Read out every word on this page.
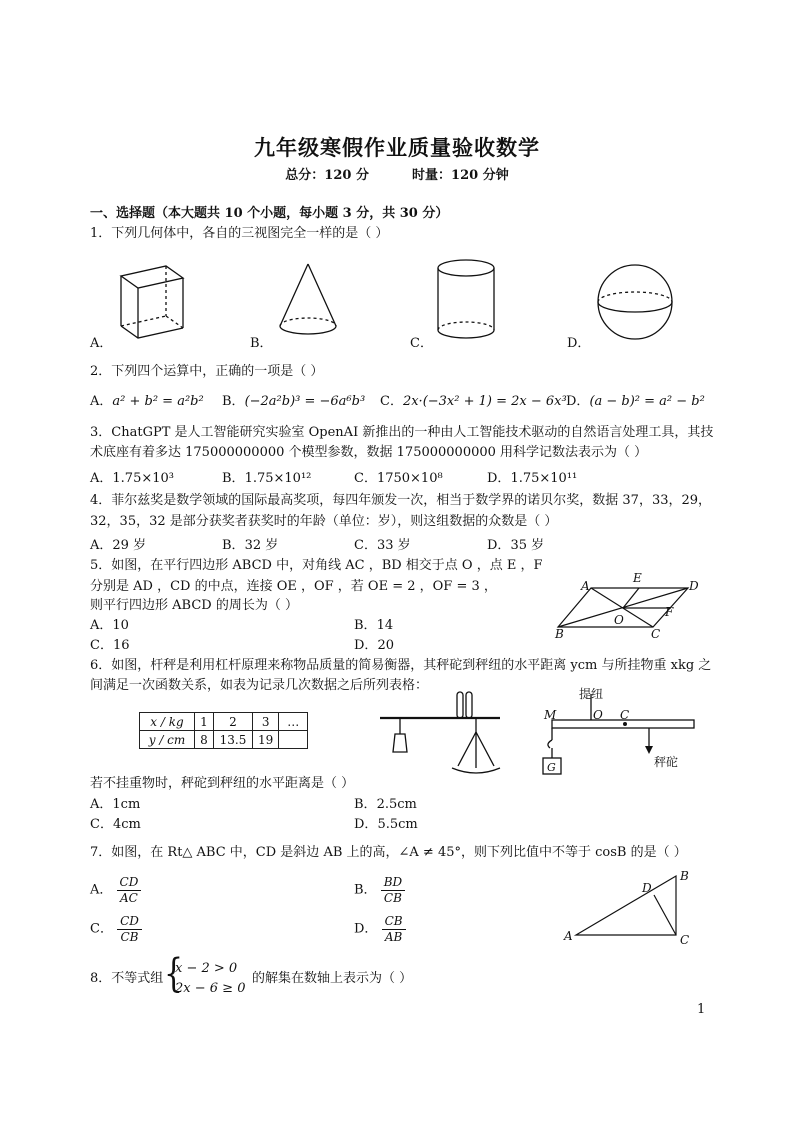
九年级寒假作业质量验收数学
总分：120 分	时量：120 分钟
一、选择题（本大题共 10 个小题，每小题 3 分，共 30 分）
1．下列几何体中，各自的三视图完全一样的是（ ）
A．	B．	C．	D．
2．下列四个运算中，正确的一项是（ ）
A．a² + b² = a²b² B．(−2a²b)³ = −6a⁶b³ C．2x·(−3x² + 1) = 2x − 6x³ D．(a − b)² = a² − b²
3．ChatGPT 是人工智能研究实验室 OpenAI 新推出的一种由人工智能技术驱动的自然语言处理工具，其技
术底座有着多达 175000000000 个模型参数，数据 175000000000 用科学记数法表示为（ ）
A．1.75×10³	B．1.75×10¹²	C．1750×10⁸	D．1.75×10¹¹
4．菲尔兹奖是数学领域的国际最高奖项，每四年颁发一次，相当于数学界的诺贝尔奖，数据 37，33，29，
32，35，32 是部分获奖者获奖时的年龄（单位：岁），则这组数据的众数是（ ）
A．29 岁	B．32 岁	C．33 岁	D．35 岁
5．如图，在平行四边形 ABCD 中，对角线 AC ，BD 相交于点 O ，点 E ，F
分别是 AD ，CD 的中点，连接 OE ，OF ，若 OE = 2 ，OF = 3 ，
则平行四边形 ABCD 的周长为（ ）
A．10	B．14
C．16	D．20
A
E
D
F
O
B	C
6．如图，杆秤是利用杠杆原理来称物品质量的简易衡器，其秤砣到秤纽的水平距离 ycm 与所挂物重 xkg 之
间满足一次函数关系，如表为记录几次数据之后所列表格：
x / kg	1	2	3	…
y / cm	8	13.5	19	
提纽
M	O C
G	秤砣
若不挂重物时，秤砣到秤纽的水平距离是（ ）
A．1cm	B．2.5cm
C．4cm	D．5.5cm
7．如图，在 Rt△ ABC 中，CD 是斜边 AB 上的高，∠A ≠ 45°，则下列比值中不等于 cosB 的是（ ）
A． $\frac{CD}{AC}$	B． $\frac{BD}{CB}$
C． $\frac{CD}{CB}$	D． $\frac{CB}{AB}$
D
B
A	C
8．不等式组 {
x − 2 > 0
2x − 6 ≥ 0
的解集在数轴上表示为（ ）
1
